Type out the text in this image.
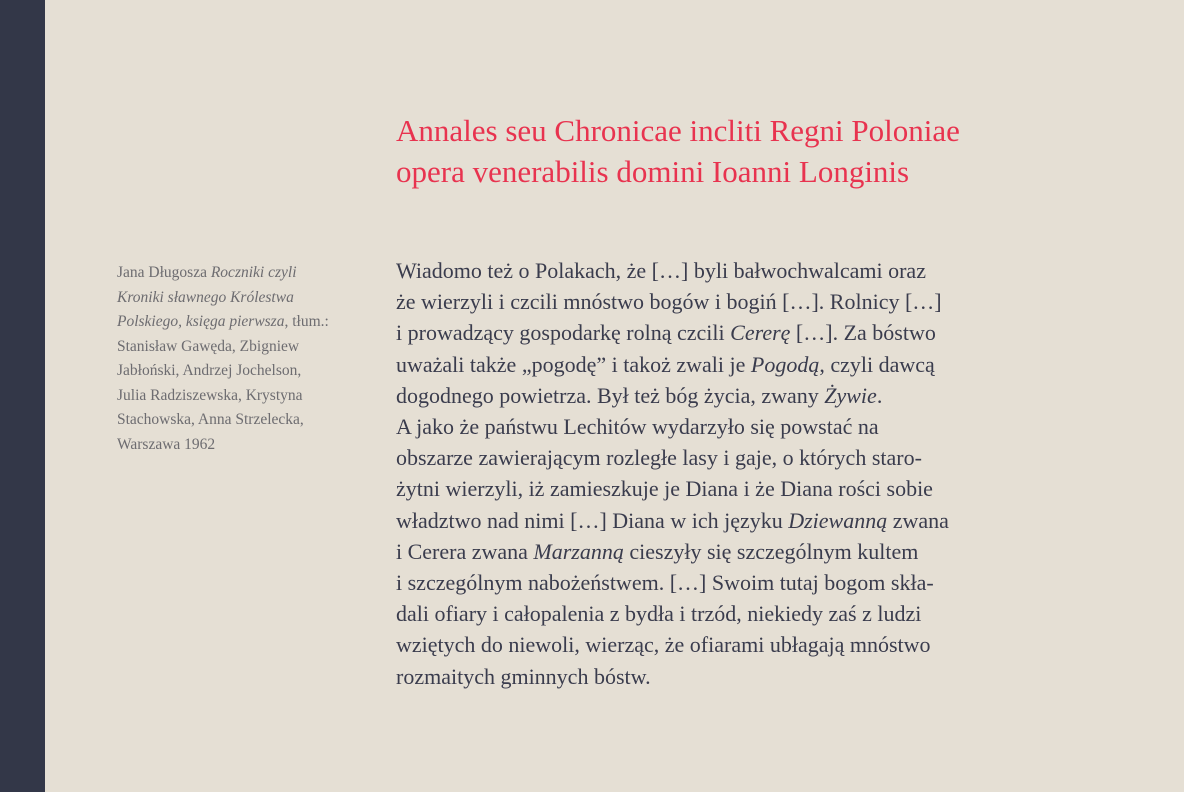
Annales seu Chronicae incliti Regni Poloniae
opera venerabilis domini Ioanni Longinis
Jana Długosza Roczniki czyli
Kroniki sławnego Królestwa
Polskiego, księga pierwsza, tłum.:
Stanisław Gawęda, Zbigniew
Jabłoński, Andrzej Jochelson,
Julia Radziszewska, Krystyna
Stachowska, Anna Strzelecka,
Warszawa 1962
Wiadomo też o Polakach, że […] byli bałwochwalcami oraz
że wierzyli i czcili mnóstwo bogów i bogiń […]. Rolnicy […]
i prowadzący gospodarkę rolną czcili Cererę […]. Za bóstwo
uważali także „pogodę” i takoż zwali je Pogodą, czyli dawcą
dogodnego powietrza. Był też bóg życia, zwany Żywie.
A jako że państwu Lechitów wydarzyło się powstać na
obszarze zawierającym rozległe lasy i gaje, o których staro-
żytni wierzyli, iż zamieszkuje je Diana i że Diana rości sobie
władztwo nad nimi […] Diana w ich języku Dziewanną zwana
i Cerera zwana Marzanną cieszyły się szczególnym kultem
i szczególnym nabożeństwem. […] Swoim tutaj bogom skła-
dali ofiary i całopalenia z bydła i trzód, niekiedy zaś z ludzi
wziętych do niewoli, wierząc, że ofiarami ubłagają mnóstwo
rozmaitych gminnych bóstw.
